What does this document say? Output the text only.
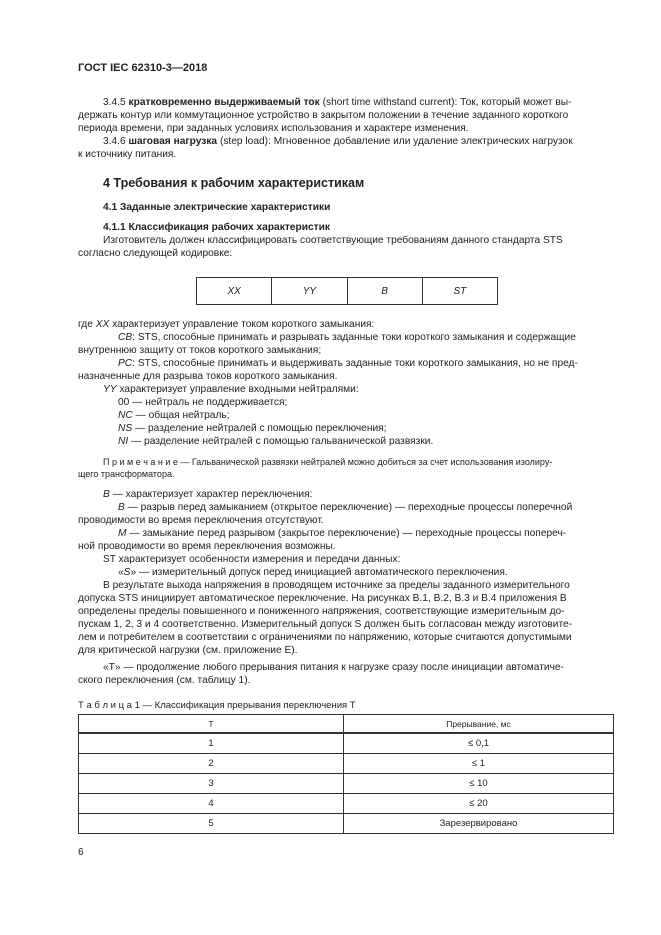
ГОСТ IEC 62310-3—2018
3.4.5 кратковременно выдерживаемый ток (short time withstand current): Ток, который может вы-
держать контур или коммутационное устройство в закрытом положении в течение заданного короткого
периода времени, при заданных условиях использования и характере изменения.
3.4.6 шаговая нагрузка (step load): Мгновенное добавление или удаление электрических нагрузок
к источнику питания.
4 Требования к рабочим характеристикам
4.1 Заданные электрические характеристики
4.1.1 Классификация рабочих характеристик
Изготовитель должен классифицировать соответствующие требованиям данного стандарта STS
согласно следующей кодировке:
XX	YY	B	ST
где XX характеризует управление током короткого замыкания:
CB: STS, способные принимать и разрывать заданные токи короткого замыкания и содержащие
внутреннюю защиту от токов короткого замыкания;
PC: STS, способные принимать и выдерживать заданные токи короткого замыкания, но не пред-
назначенные для разрыва токов короткого замыкания.
YY характеризует управление входными нейтралями:
00 — нейтраль не поддерживается;
NC — общая нейтраль;
NS — разделение нейтралей с помощью переключения;
NI — разделение нейтралей с помощью гальванической развязки.
П р и м е ч а н и е — Гальванической развязки нейтралей можно добиться за счет использования изолиру-
щего трансформатора.
B — характеризует характер переключения:
B — разрыв перед замыканием (открытое переключение) — переходные процессы поперечной
проводимости во время переключения отсутствуют.
M — замыкание перед разрывом (закрытое переключение) — переходные процессы попереч-
ной проводимости во время переключения возможны.
ST характеризует особенности измерения и передачи данных:
«S» — измерительный допуск перед инициацией автоматического переключения.
В результате выхода напряжения в проводящем источнике за пределы заданного измерительного
допуска STS инициирует автоматическое переключение. На рисунках В.1, В.2, В.3 и В.4 приложения В
определены пределы повышенного и пониженного напряжения, соответствующие измерительным до-
пускам 1, 2, 3 и 4 соответственно. Измерительный допуск S должен быть согласован между изготовите-
лем и потребителем в соответствии с ограничениями по напряжению, которые считаются допустимыми
для критической нагрузки (см. приложение Е).
«T» — продолжение любого прерывания питания к нагрузке сразу после инициации автоматиче-
ского переключения (см. таблицу 1).
Т а б л и ц а 1 — Классификация прерывания переключения Т
Т	Прерывание, мс
1	≤ 0,1
2	≤ 1
3	≤ 10
4	≤ 20
5	Зарезервировано
6
